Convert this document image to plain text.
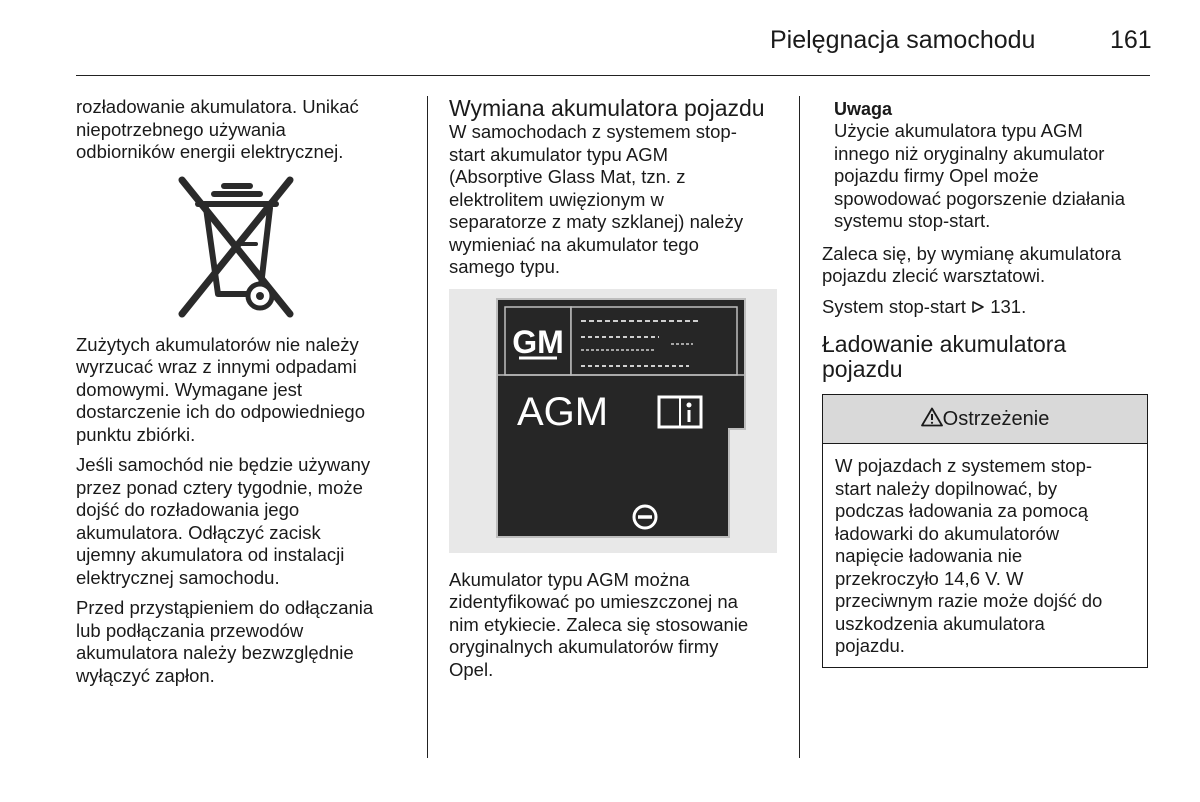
Pielęgnacja samochodu	161

rozładowanie akumulatora. Unikać
niepotrzebnego używania
odbiorników energii elektrycznej.

Zużytych akumulatorów nie należy
wyrzucać wraz z innymi odpadami
domowymi. Wymagane jest
dostarczenie ich do odpowiedniego
punktu zbiórki.

Jeśli samochód nie będzie używany
przez ponad cztery tygodnie, może
dojść do rozładowania jego
akumulatora. Odłączyć zacisk
ujemny akumulatora od instalacji
elektrycznej samochodu.

Przed przystąpieniem do odłączania
lub podłączania przewodów
akumulatora należy bezwzględnie
wyłączyć zapłon.

Wymiana akumulatora pojazdu

W samochodach z systemem stop-
start akumulator typu AGM
(Absorptive Glass Mat, tzn. z
elektrolitem uwięzionym w
separatorze z maty szklanej) należy
wymieniać na akumulator tego
samego typu.

GM
AGM

Akumulator typu AGM można
zidentyfikować po umieszczonej na
nim etykiecie. Zaleca się stosowanie
oryginalnych akumulatorów firmy
Opel.

Uwaga
Użycie akumulatora typu AGM
innego niż oryginalny akumulator
pojazdu firmy Opel może
spowodować pogorszenie działania
systemu stop-start.

Zaleca się, by wymianę akumulatora
pojazdu zlecić warsztatowi.

System stop-start  131.

Ładowanie akumulatora
pojazdu
Ostrzeżenie
W pojazdach z systemem stop-
start należy dopilnować, by
podczas ładowania za pomocą
ładowarki do akumulatorów
napięcie ładowania nie
przekroczyło 14,6 V. W
przeciwnym razie może dojść do
uszkodzenia akumulatora
pojazdu.
